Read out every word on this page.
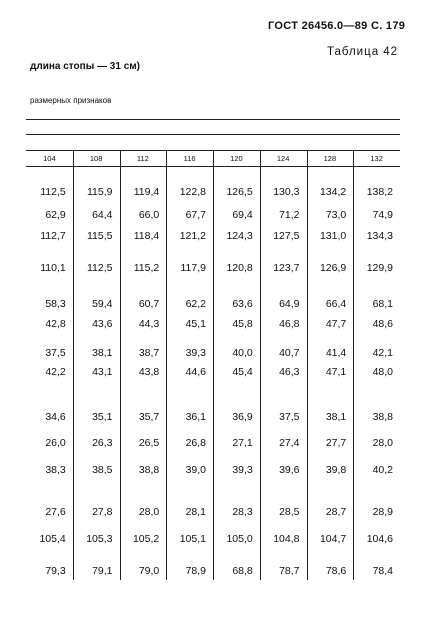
ГОСТ 26456.0—89 С. 179
Таблица 42
длина стопы — 31 см)
размерных признаков
104	108	112	116	120	124	128	132
112,5	115,9	119,4	122,8	126,5	130,3	134,2	138,2
62,9	64,4	66,0	67,7	69,4	71,2	73,0	74,9
112,7	115,5	118,4	121,2	124,3	127,5	131,0	134,3
110,1	112,5	115,2	117,9	120,8	123,7	126,9	129,9
58,3	59,4	60,7	62,2	63,6	64,9	66,4	68,1
42,8	43,6	44,3	45,1	45,8	46,8	47,7	48,6
37,5	38,1	38,7	39,3	40,0	40,7	41,4	42,1
42,2	43,1	43,8	44,6	45,4	46,3	47,1	48,0
34,6	35,1	35,7	36,1	36,9	37,5	38,1	38,8
26,0	26,3	26,5	26,8	27,1	27,4	27,7	28,0
38,3	38,5	38,8	39,0	39,3	39,6	39,8	40,2
27,6	27,8	28,0	28,1	28,3	28,5	28,7	28,9
105,4	105,3	105,2	105,1	105,0	104,8	104,7	104,6
79,3	79,1	79,0	78,9	68,8	78,7	78,6	78,4
